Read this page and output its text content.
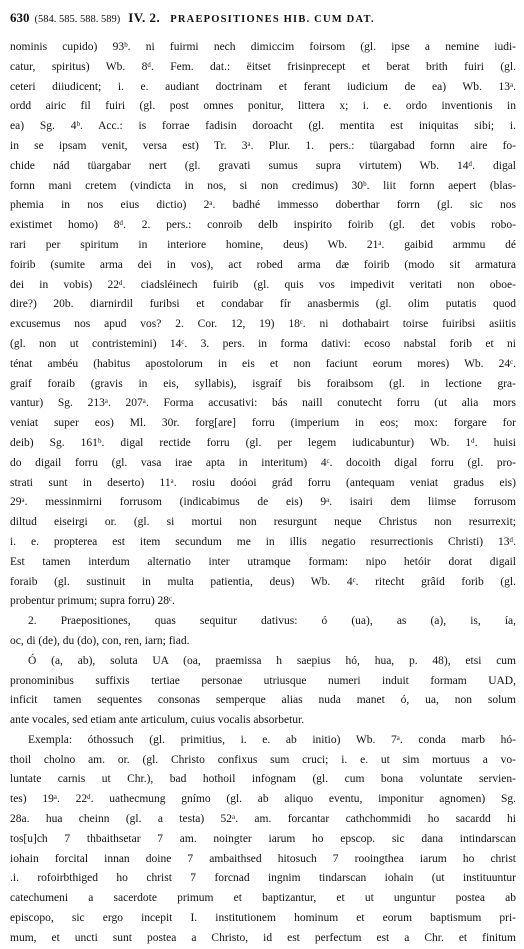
630 (584. 585. 588. 589) IV. 2. PRAEPOSITIONES HIB. CUM DAT.
nominis cupido) 93ᵇ. ni fuirmi nech dimiccim foirsom (gl. ipse a nemine iudi-
catur, spiritus) Wb. 8ᵈ. Fem. dat.: ëitset frisinprecept et berat brith fuiri (gl.
ceteri diiudicent; i. e. audiant doctrinam et ferant iudicium de ea) Wb. 13ᵃ.
ordd airic fil fuiri (gl. post omnes ponitur, littera x; i. e. ordo inventionis in
ea) Sg. 4ᵇ. Acc.: is forrae fadisin doroacht (gl. mentita est iniquitas sibi; i.
in se ipsam venit, versa est) Tr. 3ᵃ. Plur. 1. pers.: tüargabad fornn aire fo-
chide nád tüargabar nert (gl. gravati sumus supra virtutem) Wb. 14ᵈ. digal
fornn mani cretem (vindicta in nos, si non credimus) 30ᵇ. liit fornn aepert (blas-
phemia in nos eius dictio) 2ᵃ. badhé immesso doberthar forrn (gl. sic nos
existimet homo) 8ᵈ. 2. pers.: conroib delb inspirito foirib (gl. det vobis robo-
rari per spiritum in interiore homine, deus) Wb. 21ᵃ. gaibid armmu dé
foirib (sumite arma dei in vos), act robed arma dæ foirib (modo sit armatura
dei in vobis) 22ᵈ. ciadsléinech fuirib (gl. quis vos impedivit veritati non oboe-
dire?) 20b. diarnirdil furibsi et condabar fír anasbermis (gl. olim putatis quod
excusemus nos apud vos? 2. Cor. 12, 19) 18ᶜ. ni dothabairt toirse fuiribsi asiitis
(gl. non ut contristemini) 14ᶜ. 3. pers. in forma dativi: ecoso nabstal forib et ni
ténat ambéu (habitus apostolorum in eis et non faciunt eorum mores) Wb. 24ᶜ.
graif foraib (gravis in eis, syllabis), isgraíf bis foraibsom (gl. in lectione gra-
vantur) Sg. 213ᵃ. 207ᵃ. Forma accusativi: bás naill conutecht forru (ut alia mors
veniat super eos) Ml. 30r. forg[are] forru (imperium in eos; mox: forgare for
deib) Sg. 161ᵇ. digal rectide forru (gl. per legem iudicabuntur) Wb. 1ᵈ. huisi
do digail forru (gl. vasa irae apta in interitum) 4ᶜ. docoith digal forru (gl. pro-
strati sunt in deserto) 11ᵃ. rosiu doóoi grád forru (antequam veniat gradus eis)
29ᵃ. messinmirni forrusom (indicabimus de eis) 9ᵃ. isairi dem liimse forrusom
diltud eiseirgi or. (gl. si mortui non resurgunt neque Christus non resurrexit;
i. e. propterea est item secundum me in illis negatio resurrectionis Christi) 13ᵈ.
Est tamen interdum alternatio inter utramque formam: nipo hetóir dorat digail
foraib (gl. sustinuit in multa patientia, deus) Wb. 4ᶜ. ritecht grâid forib (gl.
probentur primum; supra forru) 28ᶜ.
2. Praepositiones, quas sequitur dativus: ó (ua), as (a), is, ía,
oc, di (de), du (do), con, ren, iarn; fiad.
Ó (a, ab), soluta UA (oa, praemissa h saepius hó, hua, p. 48), etsi cum
pronominibus suffixis tertiae personae utriusque numeri induit formam UAD,
inficit tamen sequentes consonas semperque alias nuda manet ó, ua, non solum
ante vocales, sed etiam ante articulum, cuius vocalis absorbetur.
Exempla: óthossuch (gl. primitius, i. e. ab initio) Wb. 7ᵃ. conda marb hó-
thoil cholno am. or. (gl. Christo confixus sum cruci; i. e. ut sim mortuus a vo-
luntate carnis ut Chr.), bad hothoil infognam (gl. cum bona voluntate servien-
tes) 19ᵃ. 22ᵈ. uathecmung gnímo (gl. ab aliquo eventu, imponitur agnomen) Sg.
28a. hua cheinn (gl. a testa) 52ᵃ. am. forcantar cathchommidi ho sacardd hi
tos[u]ch 7 thbaithsetar 7 am. noingter iarum ho epscop. sic dana intindarscan
iohain forcital innan doine 7 ambaithsed hitosuch 7 rooingthea iarum ho christ
.i. rofoirbthiged ho christ 7 forcnad ingnim tindarscan iohain (ut instituuntur
catechumeni a sacerdote primum et baptizantur, et ut unguntur postea ab
episcopo, sic ergo incepit I. institutionem hominum et eorum baptismum pri-
mum, et uncti sunt postea a Christo, id est perfectum est a Chr. et finitum
